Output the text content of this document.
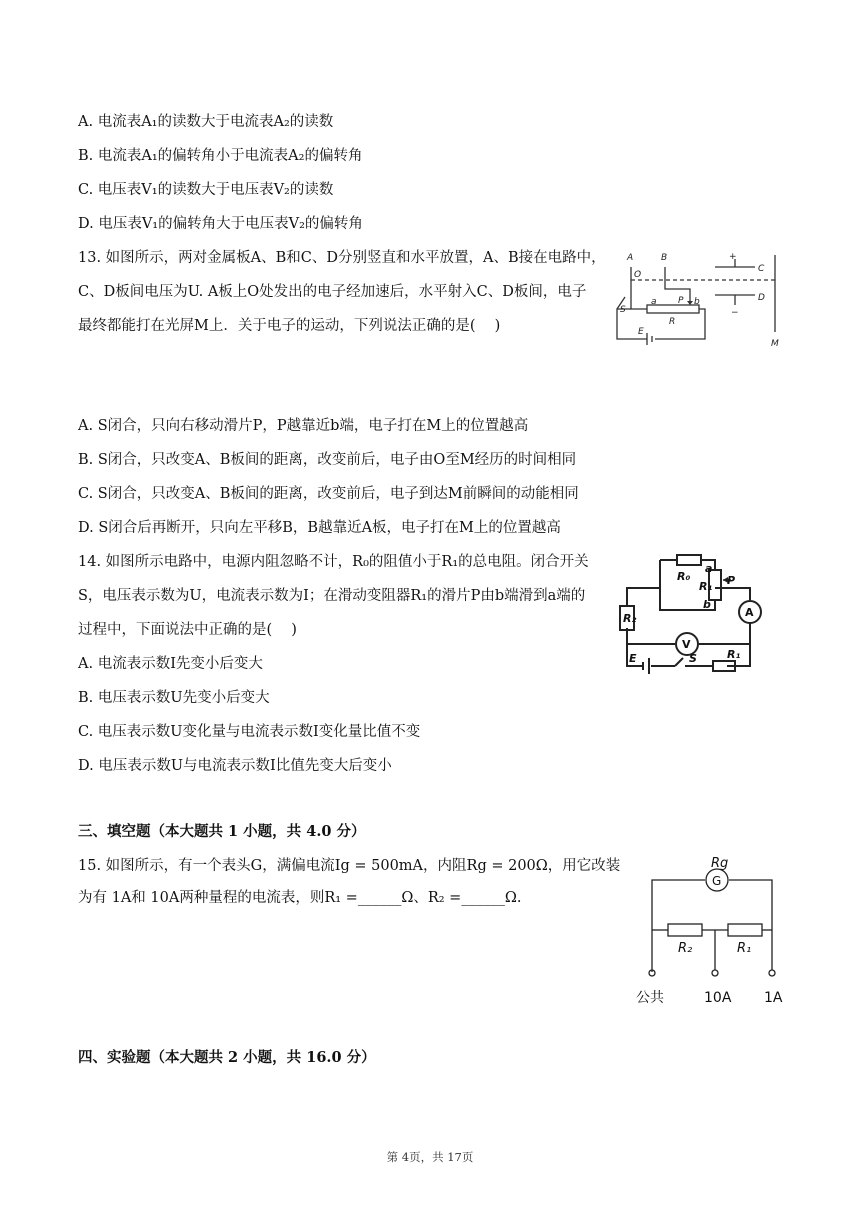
A. 电流表A₁的读数大于电流表A₂的读数
B. 电流表A₁的偏转角小于电流表A₂的偏转角
C. 电压表V₁的读数大于电压表V₂的读数
D. 电压表V₁的偏转角大于电压表V₂的偏转角
13. 如图所示，两对金属板A、B和C、D分别竖直和水平放置，A、B接在电路中，
C、D板间电压为U. A板上O处发出的电子经加速后，水平射入C、D板间，电子
最终都能打在光屏M上．关于电子的运动，下列说法正确的是(　 )
A	B
O
C
D
+
−
S
P
a	b
R
E
M
A. S闭合，只向右移动滑片P，P越靠近b端，电子打在M上的位置越高
B. S闭合，只改变A、B板间的距离，改变前后，电子由O至M经历的时间相同
C. S闭合，只改变A、B板间的距离，改变前后，电子到达M前瞬间的动能相同
D. S闭合后再断开，只向左平移B，B越靠近A板，电子打在M上的位置越高
14. 如图所示电路中，电源内阻忽略不计，R₀的阻值小于R₁的总电阻。闭合开关
S，电压表示数为U，电流表示数为I；在滑动变阻器R₁的滑片P由b端滑到a端的
过程中，下面说法中正确的是(　 )
A. 电流表示数I先变小后变大
B. 电压表示数U先变小后变大
C. 电压表示数U变化量与电流表示数I变化量比值不变
D. 电压表示数U与电流表示数I比值先变大后变小
R₀
R₁
a
b
P
A
V
R₂
E	S	R₁
三、填空题（本大题共 1 小题，共 4.0 分）
15. 如图所示，有一个表头G，满偏电流Ig = 500mA，内阻Rg = 200Ω，用它改装
为有 1A和 10A两种量程的电流表，则R₁ =______Ω、R₂ =______Ω.
Rg
G
R₂	R₁
公共	10A 1A
四、实验题（本大题共 2 小题，共 16.0 分）
第 4页，共 17页
